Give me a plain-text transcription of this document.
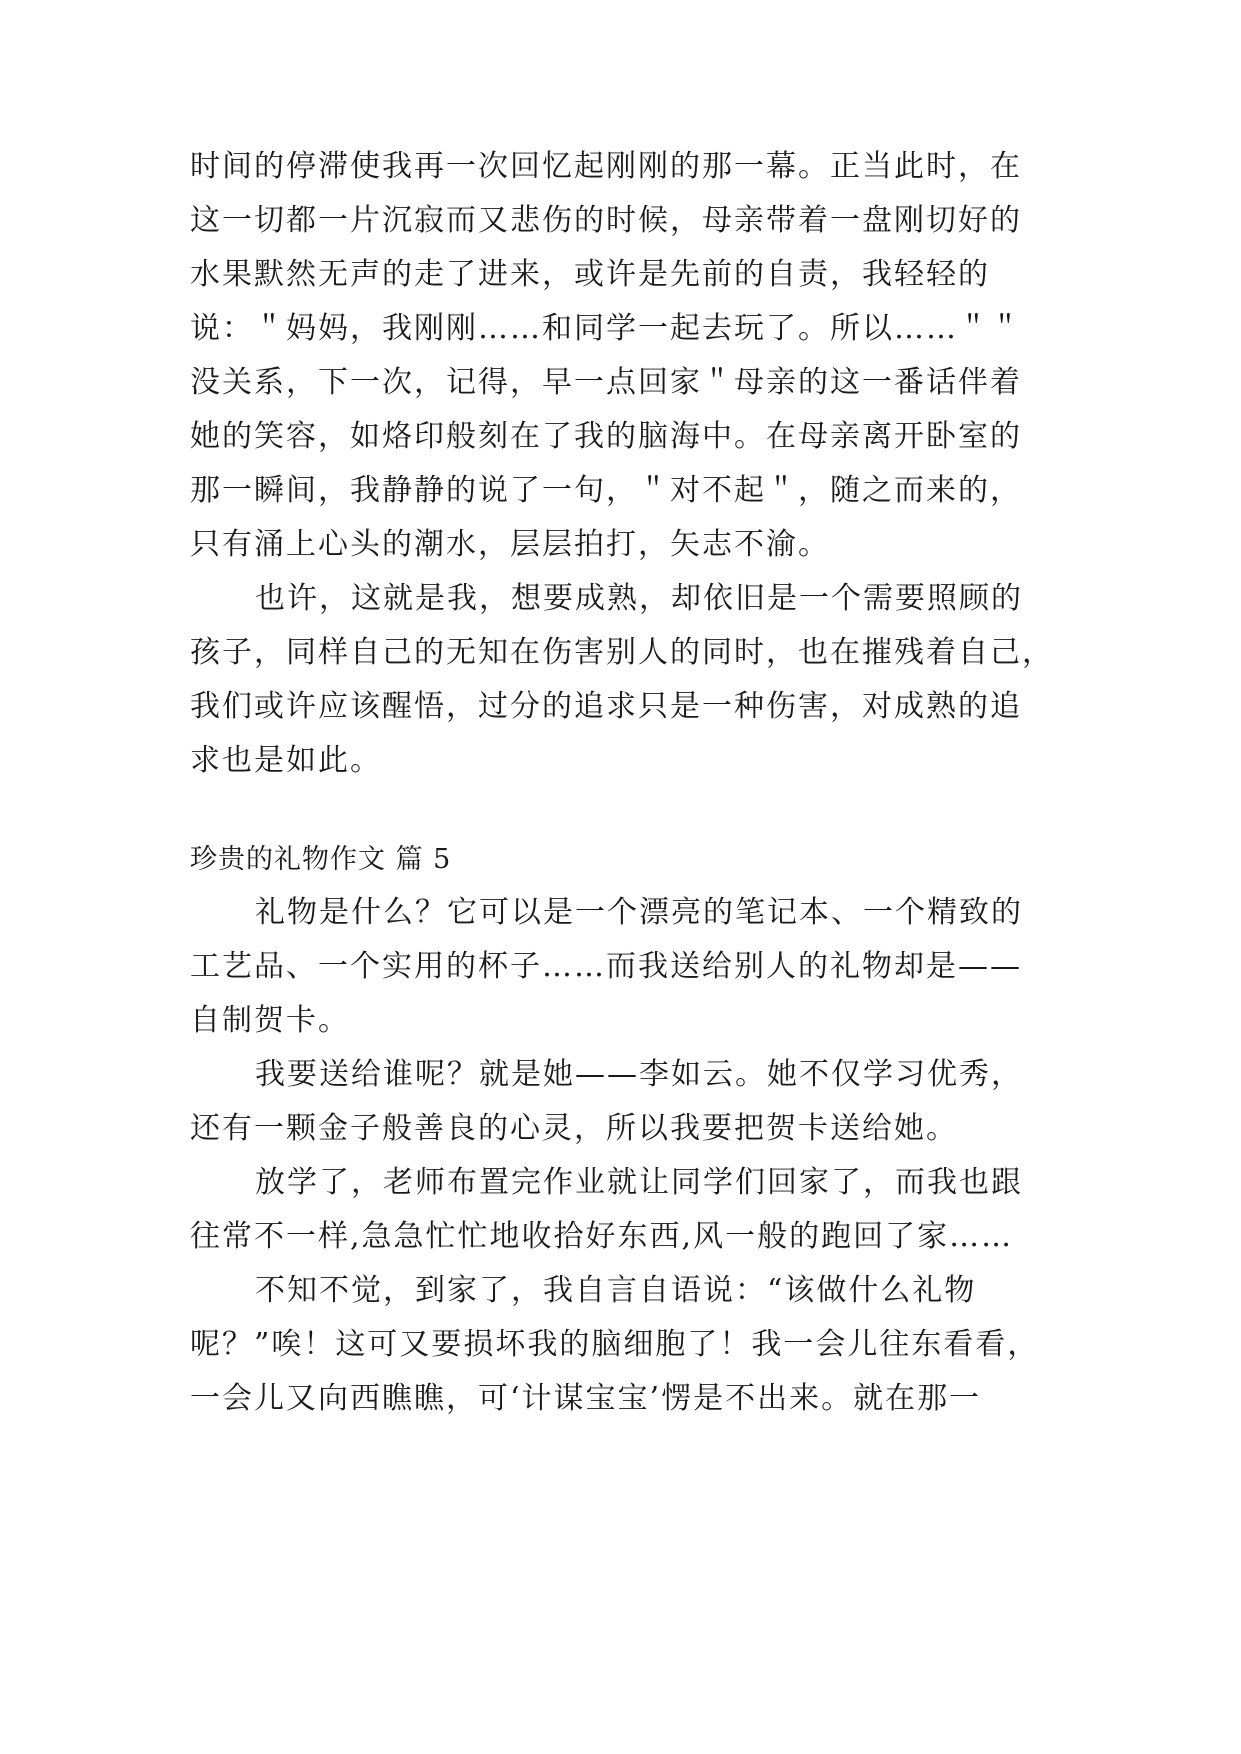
时间的停滞使我再一次回忆起刚刚的那一幕。正当此时，在
这一切都一片沉寂而又悲伤的时候，母亲带着一盘刚切好的
水果默然无声的走了进来，或许是先前的自责，我轻轻的
说：＂妈妈，我刚刚……和同学一起去玩了。所以……＂＂
没关系，下一次，记得，早一点回家＂母亲的这一番话伴着
她的笑容，如烙印般刻在了我的脑海中。在母亲离开卧室的
那一瞬间，我静静的说了一句，＂对不起＂，随之而来的，
只有涌上心头的潮水，层层拍打，矢志不渝。
也许，这就是我，想要成熟，却依旧是一个需要照顾的
孩子，同样自己的无知在伤害别人的同时，也在摧残着自己，
我们或许应该醒悟，过分的追求只是一种伤害，对成熟的追
求也是如此。
珍贵的礼物作文 篇 5
礼物是什么？它可以是一个漂亮的笔记本、一个精致的
工艺品、一个实用的杯子……而我送给别人的礼物却是——
自制贺卡。
我要送给谁呢？就是她——李如云。她不仅学习优秀，
还有一颗金子般善良的心灵，所以我要把贺卡送给她。
放学了，老师布置完作业就让同学们回家了，而我也跟
往常不一样,急急忙忙地收拾好东西,风一般的跑回了家……
不知不觉，到家了，我自言自语说：“该做什么礼物
呢？”唉！这可又要损坏我的脑细胞了！我一会儿往东看看，
一会儿又向西瞧瞧，可‘计谋宝宝’愣是不出来。就在那一
